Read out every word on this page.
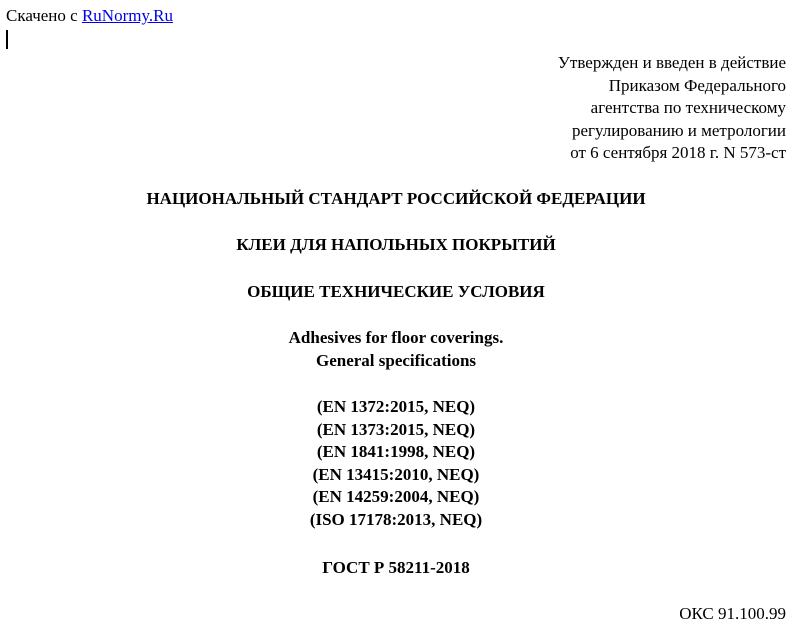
Скачено с RuNormy.Ru
Утвержден и введен в действие
Приказом Федерального
агентства по техническому
регулированию и метрологии
от 6 сентября 2018 г. N 573-ст
НАЦИОНАЛЬНЫЙ СТАНДАРТ РОССИЙСКОЙ ФЕДЕРАЦИИ
КЛЕИ ДЛЯ НАПОЛЬНЫХ ПОКРЫТИЙ
ОБЩИЕ ТЕХНИЧЕСКИЕ УСЛОВИЯ
Adhesives for floor coverings.
General specifications
(EN 1372:2015, NEQ)
(EN 1373:2015, NEQ)
(EN 1841:1998, NEQ)
(EN 13415:2010, NEQ)
(EN 14259:2004, NEQ)
(ISO 17178:2013, NEQ)
ГОСТ Р 58211-2018
ОКС 91.100.99
